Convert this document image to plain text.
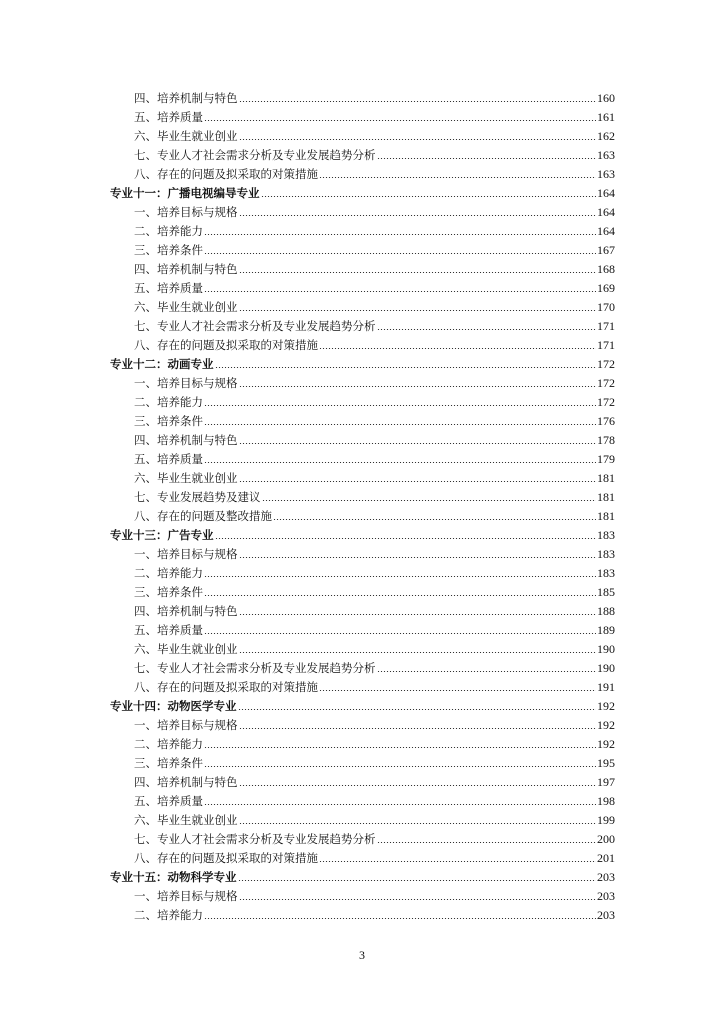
四、培养机制与特色	160
五、培养质量	161
六、毕业生就业创业	162
七、专业人才社会需求分析及专业发展趋势分析	163
八、存在的问题及拟采取的对策措施	163
专业十一：广播电视编导专业	164
一、培养目标与规格	164
二、培养能力	164
三、培养条件	167
四、培养机制与特色	168
五、培养质量	169
六、毕业生就业创业	170
七、专业人才社会需求分析及专业发展趋势分析	171
八、存在的问题及拟采取的对策措施	171
专业十二：动画专业	172
一、培养目标与规格	172
二、培养能力	172
三、培养条件	176
四、培养机制与特色	178
五、培养质量	179
六、毕业生就业创业	181
七、专业发展趋势及建议	181
八、存在的问题及整改措施	181
专业十三：广告专业	183
一、培养目标与规格	183
二、培养能力	183
三、培养条件	185
四、培养机制与特色	188
五、培养质量	189
六、毕业生就业创业	190
七、专业人才社会需求分析及专业发展趋势分析	190
八、存在的问题及拟采取的对策措施	191
专业十四：动物医学专业	192
一、培养目标与规格	192
二、培养能力	192
三、培养条件	195
四、培养机制与特色	197
五、培养质量	198
六、毕业生就业创业	199
七、专业人才社会需求分析及专业发展趋势分析	200
八、存在的问题及拟采取的对策措施	201
专业十五：动物科学专业	203
一、培养目标与规格	203
二、培养能力	203
3
